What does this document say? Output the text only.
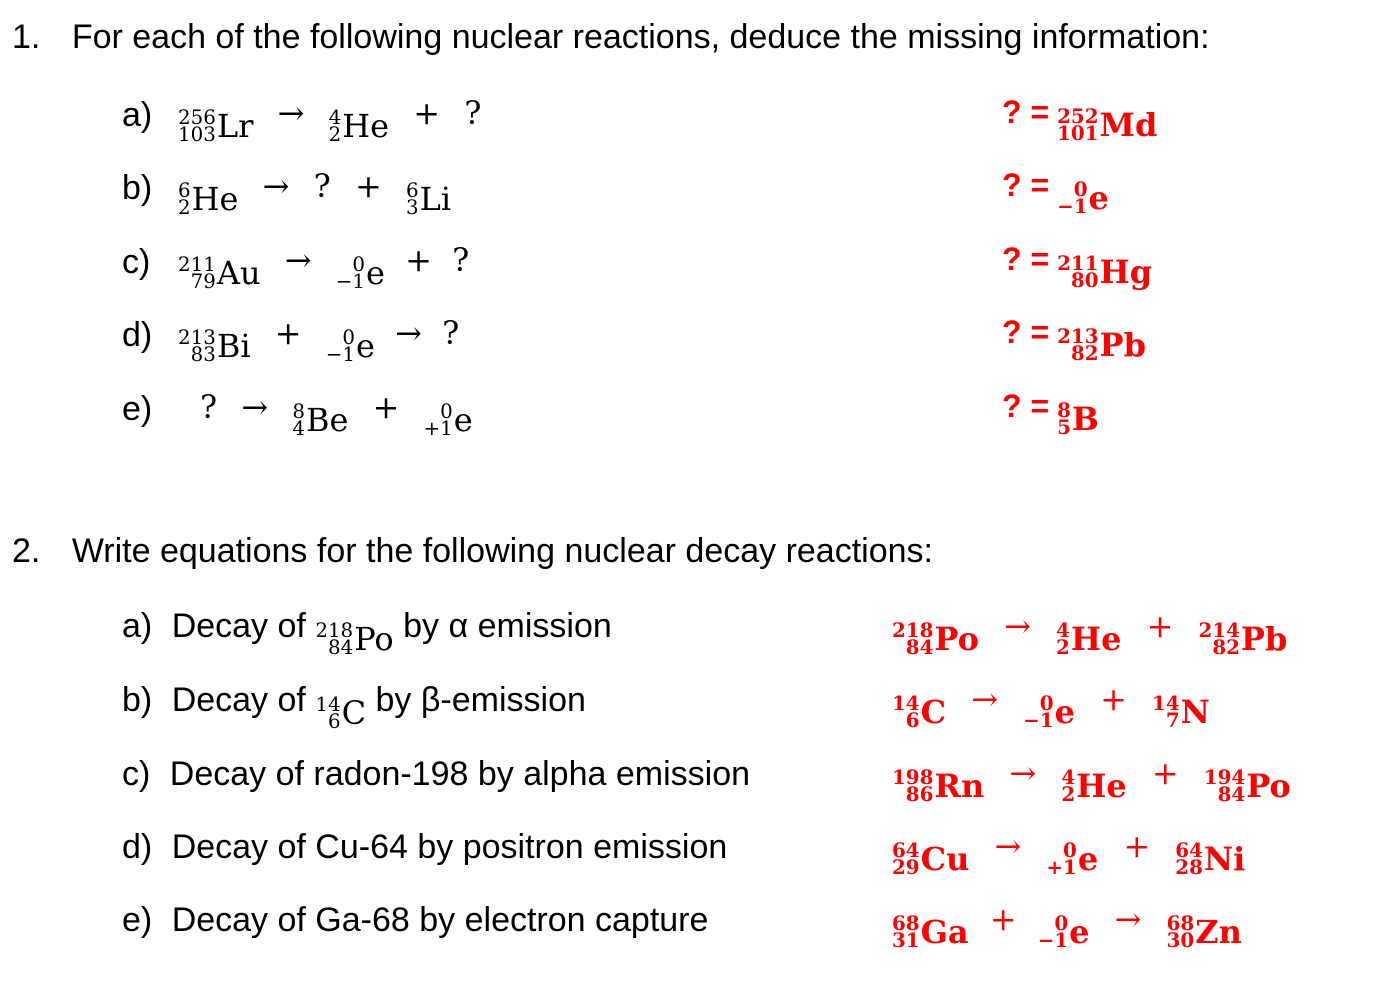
1. For each of the following nuclear reactions, deduce the missing information:
a) 256
103 Lr → 4
2 He + ?	? = 252
101 Md
b) 6
2 He → ? + 6
3 Li	? = 0
−1 e
c) 211
79 Au → 0
−1 e + ?	? = 211
80 Hg
d) 213
83 Bi + 0
−1 e → ?	? = 213
82 Pb
e) ? → 8
4 Be + 0
+1 e	? = 8
5 B
2. Write equations for the following nuclear decay reactions:
a) Decay of 218
84 Po by α emission	218
84 Po → 4
2 He + 214
82 Pb
b) Decay of 14
6 C by β-emission	14
6 C → 0
−1 e + 14
7 N
c) Decay of radon-198 by alpha emission	198
86 Rn → 4
2 He + 194
84 Po
d) Decay of Cu-64 by positron emission	64
29 Cu → 0
+1 e + 64
28 Ni
e) Decay of Ga-68 by electron capture	68
31 Ga + 0
−1 e → 68
30 Zn
